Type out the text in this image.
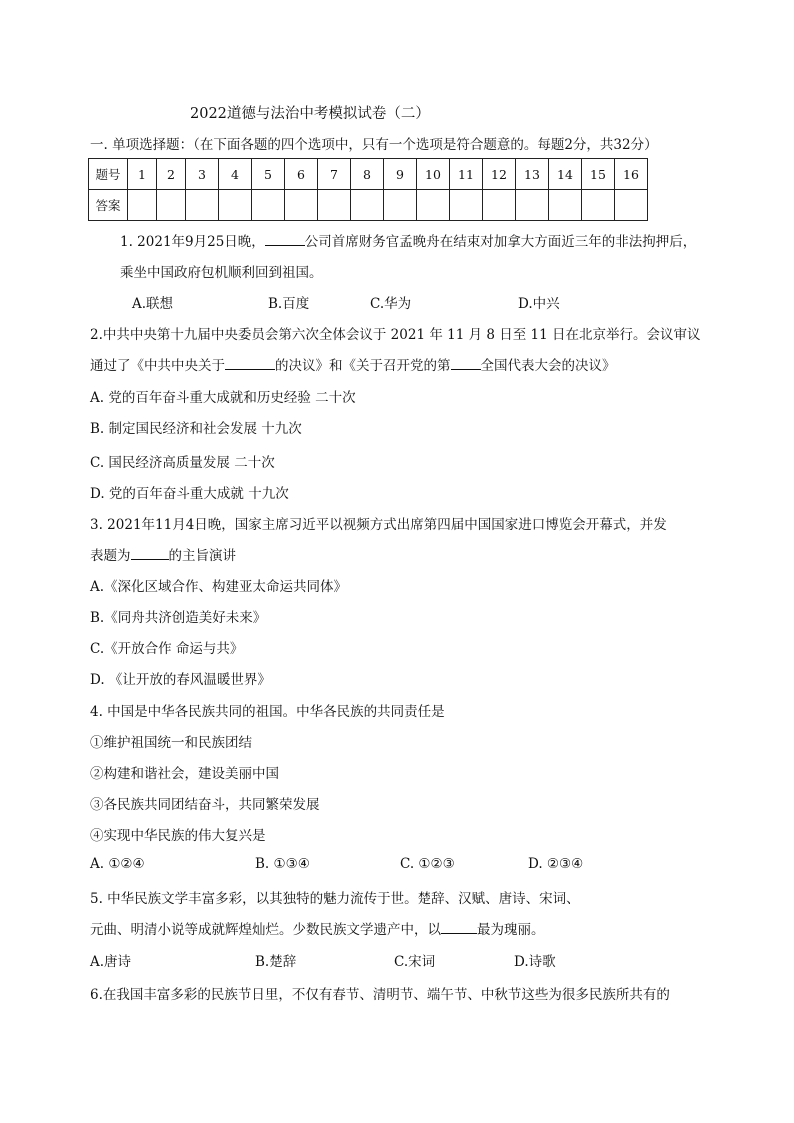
2022道德与法治中考模拟试卷（二）
一. 单项选择题：（在下面各题的四个选项中，只有一个选项是符合题意的。每题2分，共32分）
题号	1	2	3	4	5	6	7	8	9	10	11	12	13	14	15	16
答案																
1. 2021年9月25日晚，	公司首席财务官孟晚舟在结束对加拿大方面近三年的非法拘押后，
乘坐中国政府包机顺利回到祖国。
A.联想	B.百度	C.华为	D.中兴
2.中共中央第十九届中央委员会第六次全体会议于 2021 年 11 月 8 日至 11 日在北京举行。会议审议
通过了《中共中央关于	的决议》和《关于召开党的第 全国代表大会的决议》
A. 党的百年奋斗重大成就和历史经验 二十次
B. 制定国民经济和社会发展 十九次
C. 国民经济高质量发展 二十次
D. 党的百年奋斗重大成就 十九次
3. 2021年11月4日晚，国家主席习近平以视频方式出席第四届中国国家进口博览会开幕式，并发
表题为	的主旨演讲
A.《深化区域合作、构建亚太命运共同体》
B.《同舟共济创造美好未来》
C.《开放合作 命运与共》
D. 《让开放的春风温暖世界》
4. 中国是中华各民族共同的祖国。中华各民族的共同责任是
①维护祖国统一和民族团结
②构建和谐社会，建设美丽中国
③各民族共同团结奋斗，共同繁荣发展
④实现中华民族的伟大复兴是
A. ①②④	B. ①③④	C. ①②③	D. ②③④
5. 中华民族文学丰富多彩，以其独特的魅力流传于世。楚辞、汉赋、唐诗、宋词、
元曲、明清小说等成就辉煌灿烂。少数民族文学遗产中，以	最为瑰丽。
A.唐诗	B.楚辞	C.宋词	D.诗歌
6.在我国丰富多彩的民族节日里，不仅有春节、清明节、端午节、中秋节这些为很多民族所共有的
